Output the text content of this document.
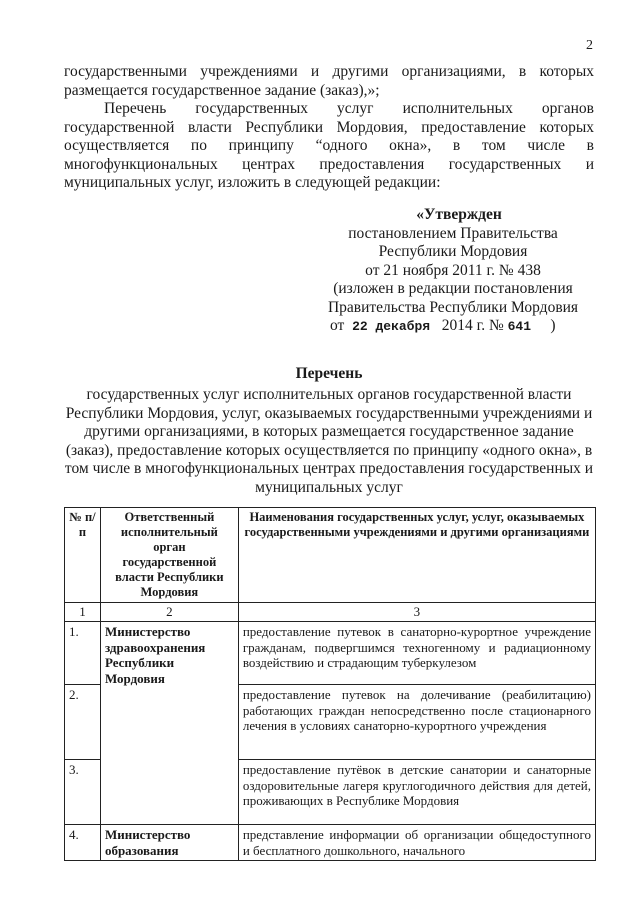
2
государственными учреждениями и другими организациями, в которых размещается государственное задание (заказ),»;
Перечень государственных услуг исполнительных органов государственной власти Республики Мордовия, предоставление которых осуществляется по принципу “одного окна», в том числе в многофункциональных центрах предоставления государственных и муниципальных услуг, изложить в следующей редакции:
«Утвержден
постановлением Правительства
Республики Мордовия
от 21 ноября 2011 г. № 438
(изложен в редакции постановления
Правительства Республики Мордовия
от 22 декабря 2014 г. № 641 )
Перечень
государственных услуг исполнительных органов государственной власти Республики Мордовия, услуг, оказываемых государственными учреждениями и другими организациями, в которых размещается государственное задание (заказ), предоставление которых осуществляется по принципу «одного окна», в том числе в многофункциональных центрах предоставления государственных и муниципальных услуг
№ п/п	Ответственный исполнительный орган государственной власти Республики Мордовия	Наименования государственных услуг, услуг, оказываемых государственными учреждениями и другими организациями
1	2	3
1.	Министерство здравоохранения Республики Мордовия	предоставление путевок в санаторно-курортное учреждение гражданам, подвергшимся техногенному и радиационному воздействию и страдающим туберкулезом
2.		предоставление путевок на долечивание (реабилитацию) работающих граждан непосредственно после стационарного лечения в условиях санаторно-курортного учреждения
3.		предоставление путёвок в детские санатории и санаторные оздоровительные лагеря круглогодичного действия для детей, проживающих в Республике Мордовия
4.	Министерство образования	представление информации об организации общедоступного и бесплатного дошкольного, начального
